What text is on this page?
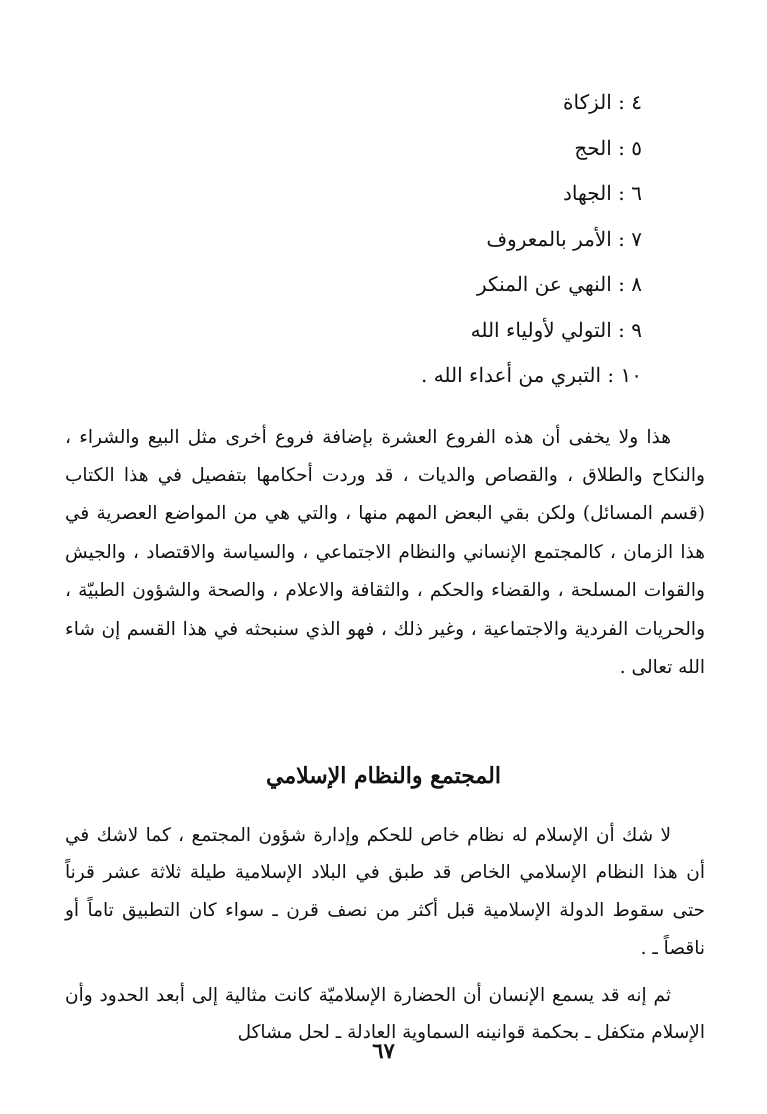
٤ : الزكاة
٥ : الحج
٦ : الجهاد
٧ : الأمر بالمعروف
٨ : النهي عن المنكر
٩ : التولي لأولياء الله
١٠ : التبري من أعداء الله .

هذا ولا يخفى أن هذه الفروع العشرة بإضافة فروع أخرى مثل البيع والشراء ، والنكاح والطلاق ، والقصاص والديات ، قد وردت أحكامها بتفصيل في هذا الكتاب (قسم المسائل) ولكن بقي البعض المهم منها ، والتي هي من المواضع العصرية في هذا الزمان ، كالمجتمع الإنساني والنظام الاجتماعي ، والسياسة والاقتصاد ، والجيش والقوات المسلحة ، والقضاء والحكم ، والثقافة والاعلام ، والصحة والشؤون الطبيّة ، والحريات الفردية والاجتماعية ، وغير ذلك ، فهو الذي سنبحثه في هذا القسم إن شاء الله تعالى .

المجتمع والنظام الإسلامي

لا شك أن الإسلام له نظام خاص للحكم وإدارة شؤون المجتمع ، كما لاشك في أن هذا النظام الإسلامي الخاص قد طبق في البلاد الإسلامية طيلة ثلاثة عشر قرناً حتى سقوط الدولة الإسلامية قبل أكثر من نصف قرن ـ سواء كان التطبيق تاماً أو ناقصاً ـ .

ثم إنه قد يسمع الإنسان أن الحضارة الإسلاميّة كانت مثالية إلى أبعد الحدود وأن الإسلام متكفل ـ بحكمة قوانينه السماوية العادلة ـ لحل مشاكل

٦٧
